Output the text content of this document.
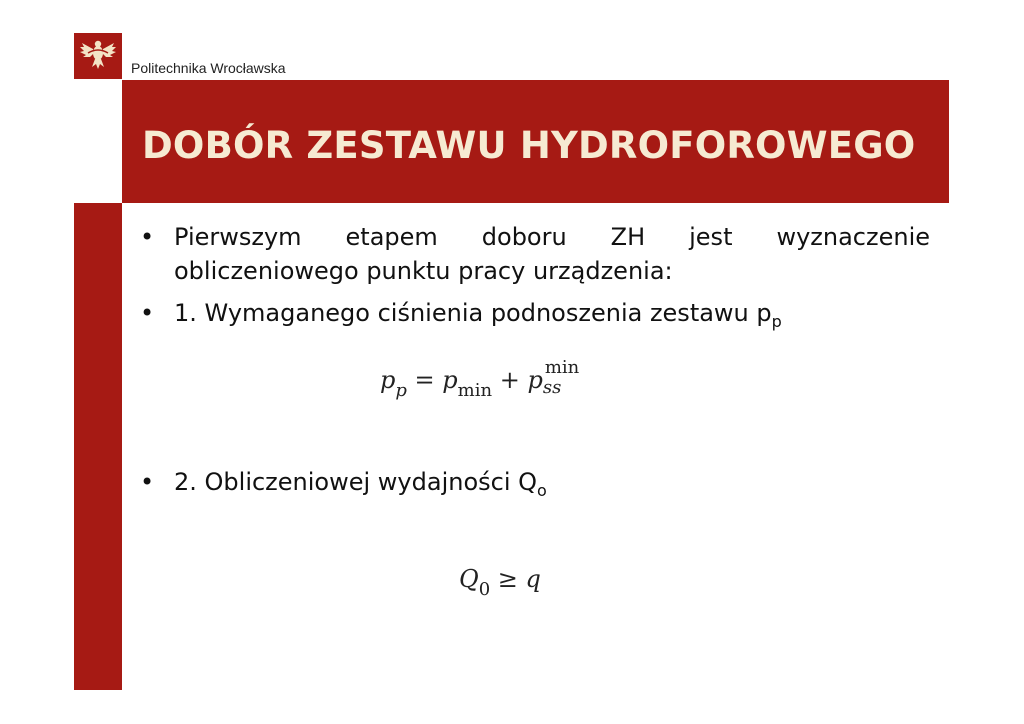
Politechnika Wrocławska
DOBÓR ZESTAWU HYDROFOROWEGO
• Pierwszym etapem doboru ZH jest wyznaczenie obliczeniowego punktu pracy urządzenia:
• 1. Wymaganego ciśnienia podnoszenia zestawu $p_p$
$p_p = p_{min} + p$ min
ss
• 2. Obliczeniowej wydajności $Q_o$
$Q_0 \ge q$
